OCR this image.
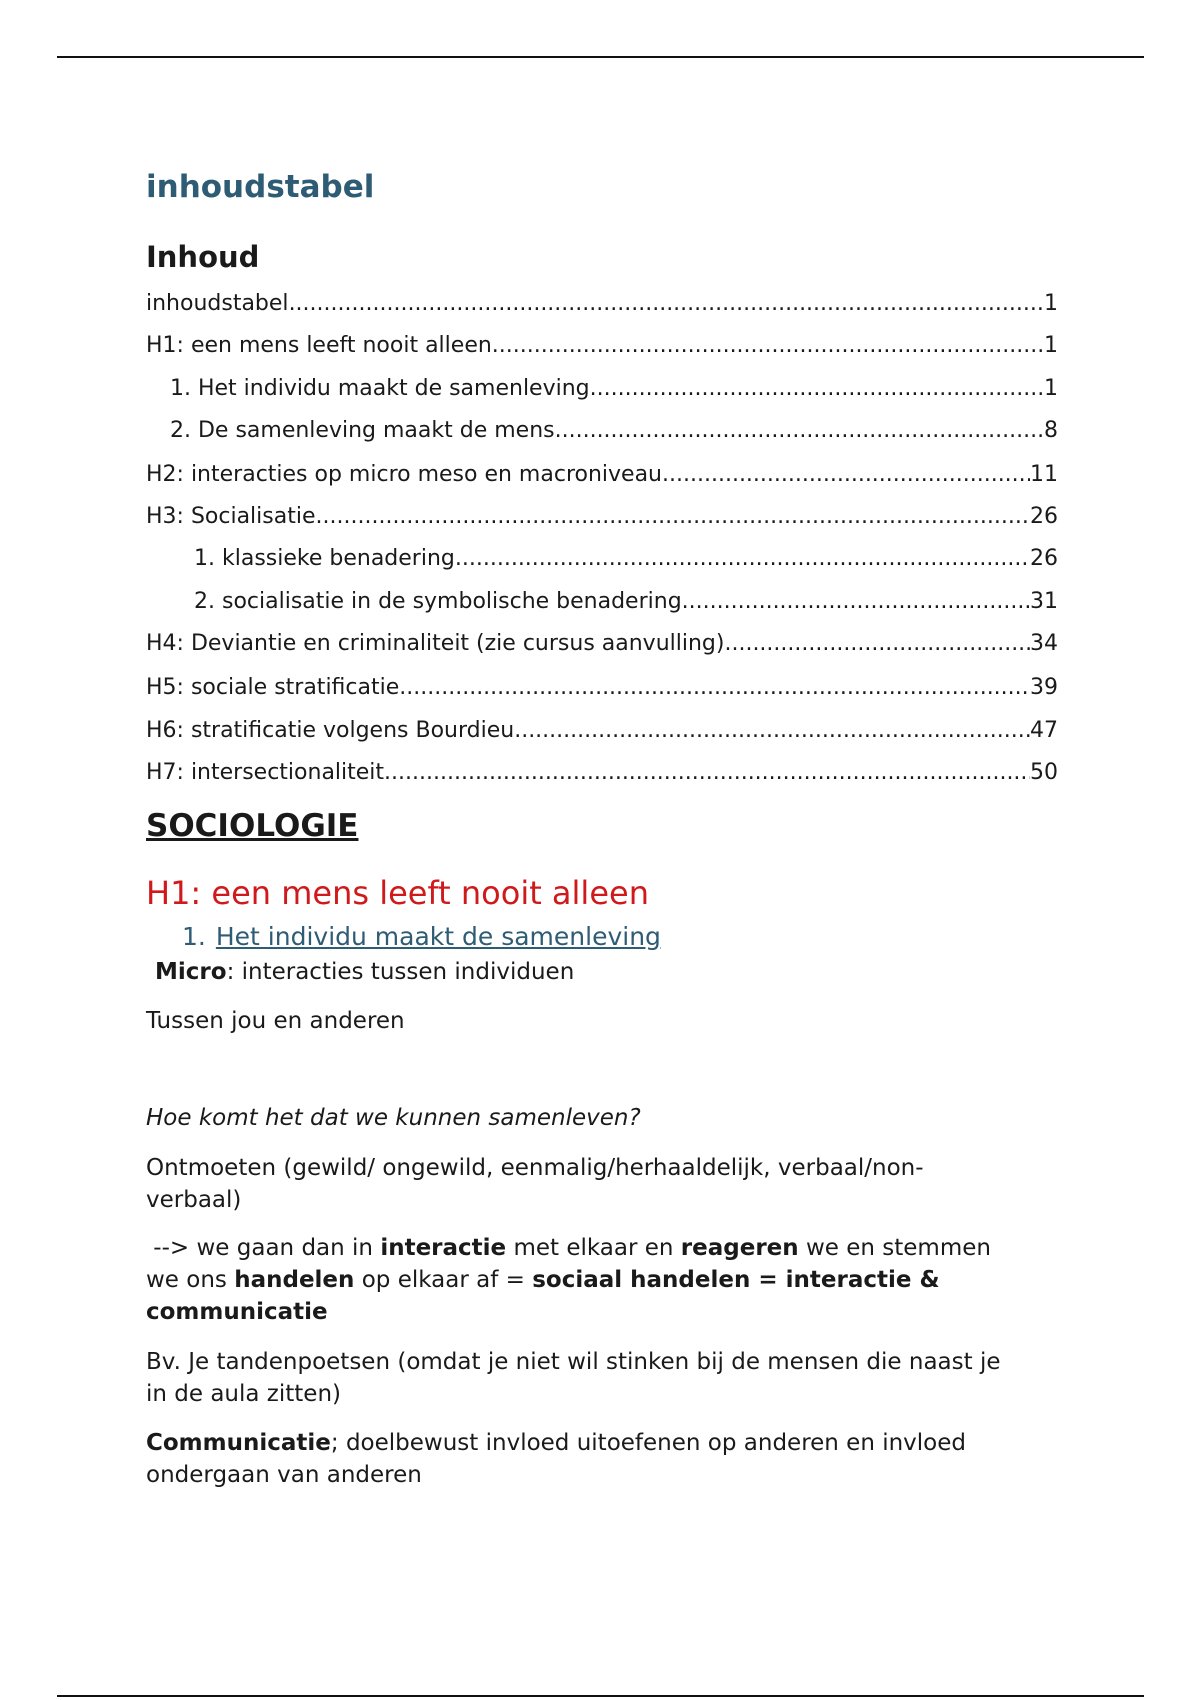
inhoudstabel
Inhoud
inhoudstabel .....	1
H1: een mens leeft nooit alleen .....	1
1. Het individu maakt de samenleving .....	1
2. De samenleving maakt de mens .....	8
H2: interacties op micro meso en macroniveau .....	11
H3: Socialisatie .....	26
1. klassieke benadering .....	26
2. socialisatie in de symbolische benadering .....	31
H4: Deviantie en criminaliteit (zie cursus aanvulling) .....	34
H5: sociale stratificatie .....	39
H6: stratificatie volgens Bourdieu .....	47
H7: intersectionaliteit .....	50
SOCIOLOGIE
H1: een mens leeft nooit alleen
1. Het individu maakt de samenleving

Micro: interacties tussen individuen

Tussen jou en anderen

Hoe komt het dat we kunnen samenleven?

Ontmoeten (gewild/ ongewild, eenmalig/herhaaldelijk, verbaal/non-
verbaal)

--> we gaan dan in interactie met elkaar en reageren we en stemmen
we ons handelen op elkaar af = sociaal handelen = interactie &
communicatie

Bv. Je tandenpoetsen (omdat je niet wil stinken bij de mensen die naast je
in de aula zitten)

Communicatie; doelbewust invloed uitoefenen op anderen en invloed
ondergaan van anderen
